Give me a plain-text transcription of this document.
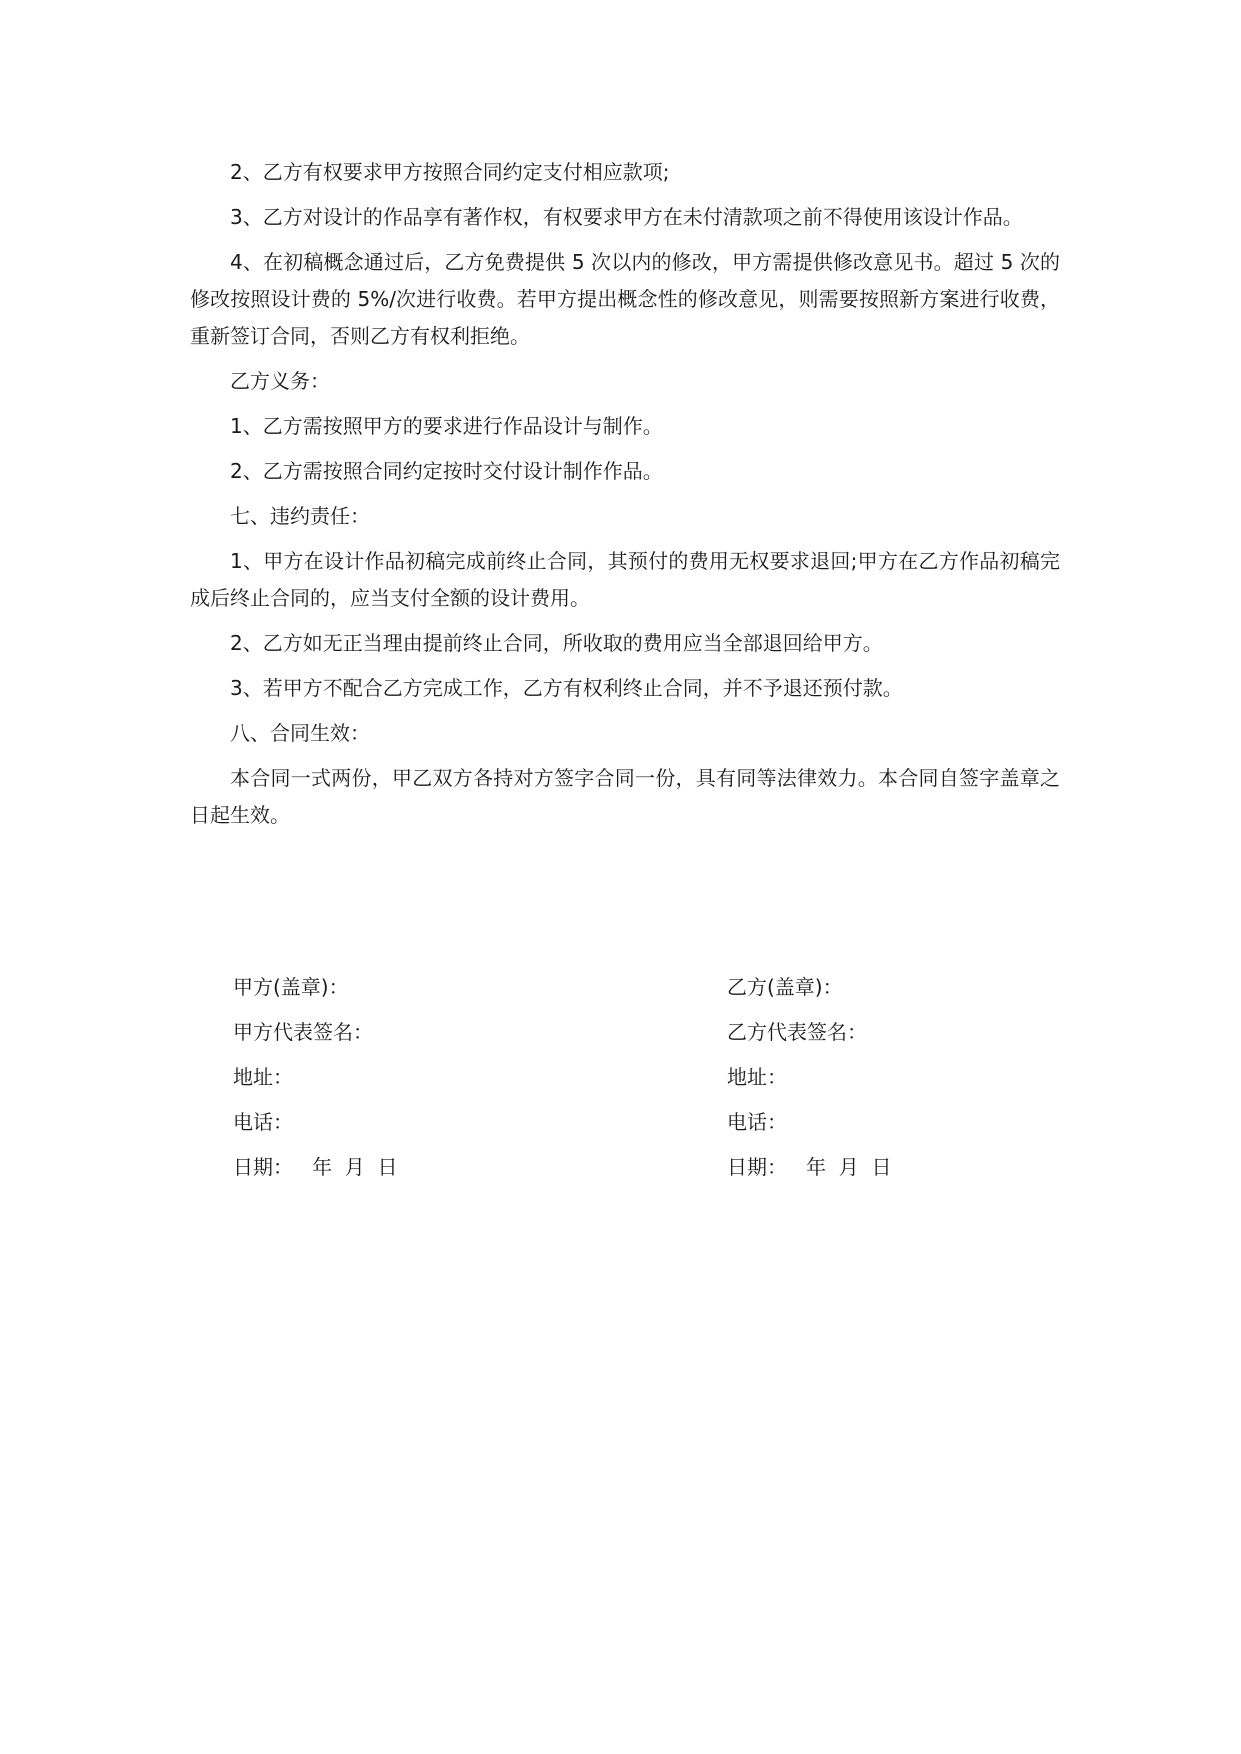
2、乙方有权要求甲方按照合同约定支付相应款项;

3、乙方对设计的作品享有著作权，有权要求甲方在未付清款项之前不得使用该设计作品。

4、在初稿概念通过后，乙方免费提供 5 次以内的修改，甲方需提供修改意见书。超过 5 次的修改按照设计费的 5%/次进行收费。若甲方提出概念性的修改意见，则需要按照新方案进行收费，重新签订合同，否则乙方有权利拒绝。

乙方义务：

1、乙方需按照甲方的要求进行作品设计与制作。

2、乙方需按照合同约定按时交付设计制作作品。

七、违约责任：

1、甲方在设计作品初稿完成前终止合同，其预付的费用无权要求退回;甲方在乙方作品初稿完成后终止合同的，应当支付全额的设计费用。

2、乙方如无正当理由提前终止合同，所收取的费用应当全部退回给甲方。

3、若甲方不配合乙方完成工作，乙方有权利终止合同，并不予退还预付款。

八、合同生效：

本合同一式两份，甲乙双方各持对方签字合同一份，具有同等法律效力。本合同自签字盖章之日起生效。

甲方(盖章)：

甲方代表签名：

地址：

电话：

日期：   年  月  日

乙方(盖章)：

乙方代表签名：

地址：

电话：

日期：   年  月  日
